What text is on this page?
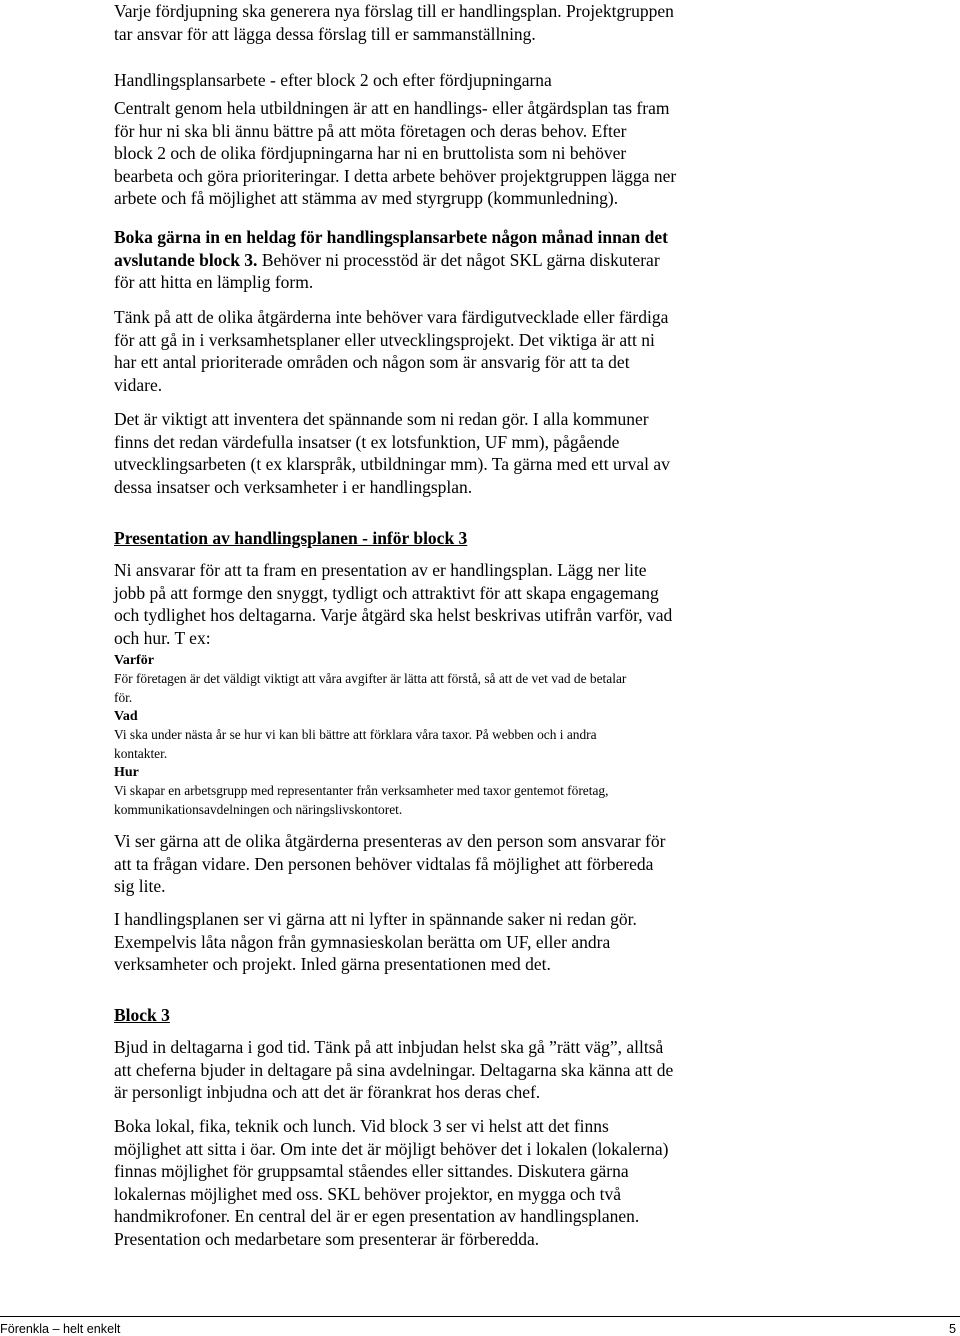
Varje fördjupning ska generera nya förslag till er handlingsplan. Projektgruppen
tar ansvar för att lägga dessa förslag till er sammanställning.
Handlingsplansarbete - efter block 2 och efter fördjupningarna
Centralt genom hela utbildningen är att en handlings- eller åtgärdsplan tas fram
för hur ni ska bli ännu bättre på att möta företagen och deras behov. Efter
block 2 och de olika fördjupningarna har ni en bruttolista som ni behöver
bearbeta och göra prioriteringar. I detta arbete behöver projektgruppen lägga ner
arbete och få möjlighet att stämma av med styrgrupp (kommunledning).
Boka gärna in en heldag för handlingsplansarbete någon månad innan det
avslutande block 3. Behöver ni processtöd är det något SKL gärna diskuterar
för att hitta en lämplig form.
Tänk på att de olika åtgärderna inte behöver vara färdigutvecklade eller färdiga
för att gå in i verksamhetsplaner eller utvecklingsprojekt. Det viktiga är att ni
har ett antal prioriterade områden och någon som är ansvarig för att ta det
vidare.
Det är viktigt att inventera det spännande som ni redan gör. I alla kommuner
finns det redan värdefulla insatser (t ex lotsfunktion, UF mm), pågående
utvecklingsarbeten (t ex klarspråk, utbildningar mm). Ta gärna med ett urval av
dessa insatser och verksamheter i er handlingsplan.
Presentation av handlingsplanen - inför block 3
Ni ansvarar för att ta fram en presentation av er handlingsplan. Lägg ner lite
jobb på att formge den snyggt, tydligt och attraktivt för att skapa engagemang
och tydlighet hos deltagarna. Varje åtgärd ska helst beskrivas utifrån varför, vad
och hur. T ex:
Varför
För företagen är det väldigt viktigt att våra avgifter är lätta att förstå, så att de vet vad de betalar
för.
Vad
Vi ska under nästa år se hur vi kan bli bättre att förklara våra taxor. På webben och i andra
kontakter.
Hur
Vi skapar en arbetsgrupp med representanter från verksamheter med taxor gentemot företag,
kommunikationsavdelningen och näringslivskontoret.
Vi ser gärna att de olika åtgärderna presenteras av den person som ansvarar för
att ta frågan vidare. Den personen behöver vidtalas få möjlighet att förbereda
sig lite.
I handlingsplanen ser vi gärna att ni lyfter in spännande saker ni redan gör.
Exempelvis låta någon från gymnasieskolan berätta om UF, eller andra
verksamheter och projekt. Inled gärna presentationen med det.
Block 3
Bjud in deltagarna i god tid. Tänk på att inbjudan helst ska gå ”rätt väg”, alltså
att cheferna bjuder in deltagare på sina avdelningar. Deltagarna ska känna att de
är personligt inbjudna och att det är förankrat hos deras chef.
Boka lokal, fika, teknik och lunch. Vid block 3 ser vi helst att det finns
möjlighet att sitta i öar. Om inte det är möjligt behöver det i lokalen (lokalerna)
finnas möjlighet för gruppsamtal ståendes eller sittandes. Diskutera gärna
lokalernas möjlighet med oss. SKL behöver projektor, en mygga och två
handmikrofoner. En central del är er egen presentation av handlingsplanen.
Presentation och medarbetare som presenterar är förberedda.
Förenkla – helt enkelt	5
